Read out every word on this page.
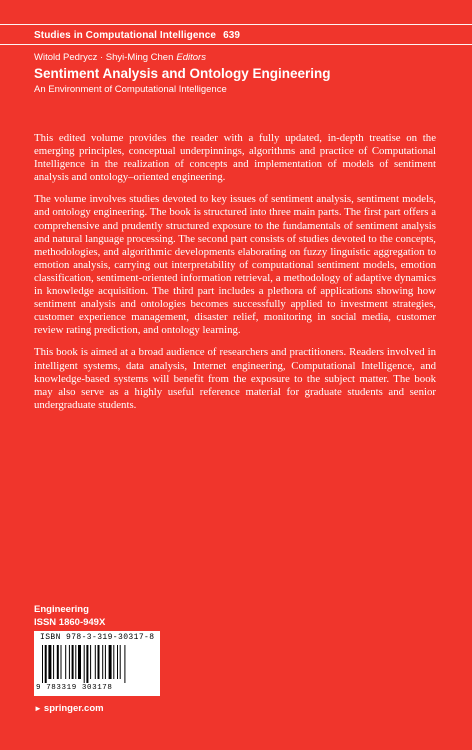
Studies in Computational Intelligence 639
Witold Pedrycz · Shyi-Ming Chen Editors
Sentiment Analysis and Ontology Engineering
An Environment of Computational Intelligence

This edited volume provides the reader with a fully updated, in-depth treatise on the emerging principles, conceptual underpinnings, algorithms and practice of Computational Intelligence in the realization of concepts and implementation of models of sentiment analysis and ontology–oriented engineering.

The volume involves studies devoted to key issues of sentiment analysis, sentiment models, and ontology engineering. The book is structured into three main parts. The first part offers a comprehensive and prudently structured exposure to the fundamentals of sentiment analysis and natural language processing. The second part consists of studies devoted to the concepts, methodologies, and algorithmic developments elaborating on fuzzy linguistic aggregation to emotion analysis, carrying out interpretability of computational sentiment models, emotion classification, sentiment-oriented information retrieval, a methodology of adaptive dynamics in knowledge acquisition. The third part includes a plethora of applications showing how sentiment analysis and ontologies becomes successfully applied to investment strategies, customer experience management, disaster relief, monitoring in social media, customer review rating prediction, and ontology learning.

This book is aimed at a broad audience of researchers and practitioners. Readers involved in intelligent systems, data analysis, Internet engineering, Computational Intelligence, and knowledge-based systems will benefit from the exposure to the subject matter. The book may also serve as a highly useful reference material for graduate students and senior undergraduate students.

Engineering
ISSN 1860-949X
ISBN 978-3-319-30317-8
9 783319 303178
► springer.com
